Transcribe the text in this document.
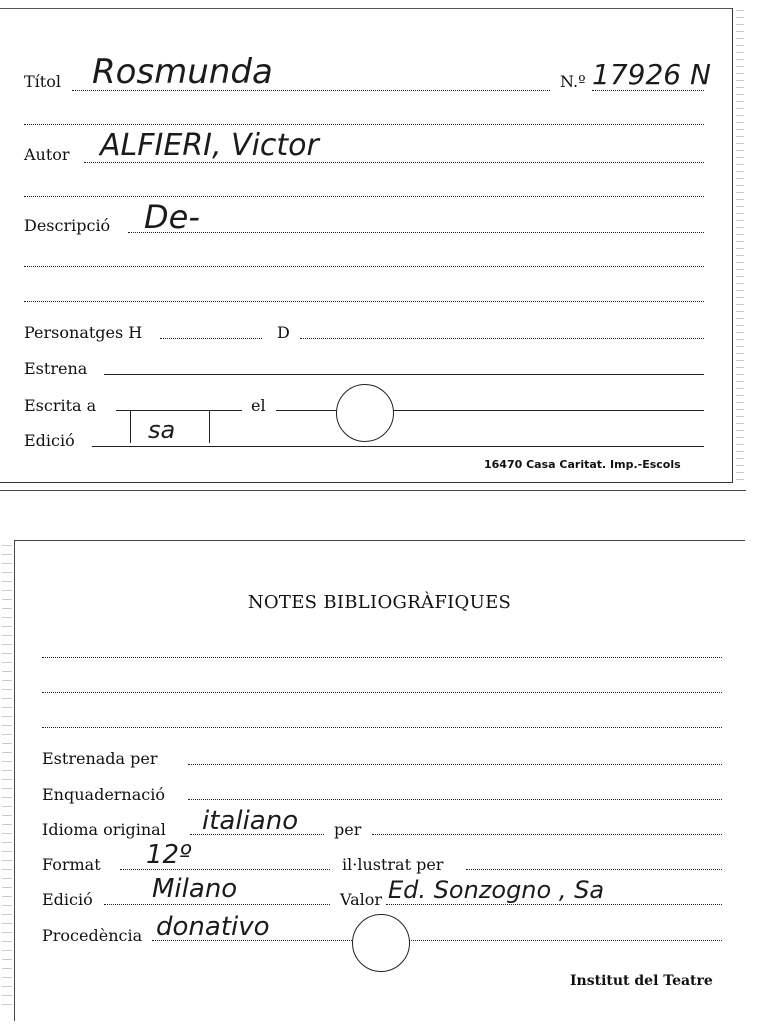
Títol Rosmunda	N.º 17926 N
Autor ALFIERI, Victor
Descripció De-
Personatges H	D
Estrena
Escrita a	el
Edició	sa
16470 Casa Caritat. Imp.-Escols
NOTES BIBLIOGRÀFIQUES
Estrenada per
Enquadernació
Idioma original italiano per
Format 12º	il·lustrat per
Edició Milano	Valor Ed. Sonzogno , Sa
Procedència donativo
Institut del Teatre
